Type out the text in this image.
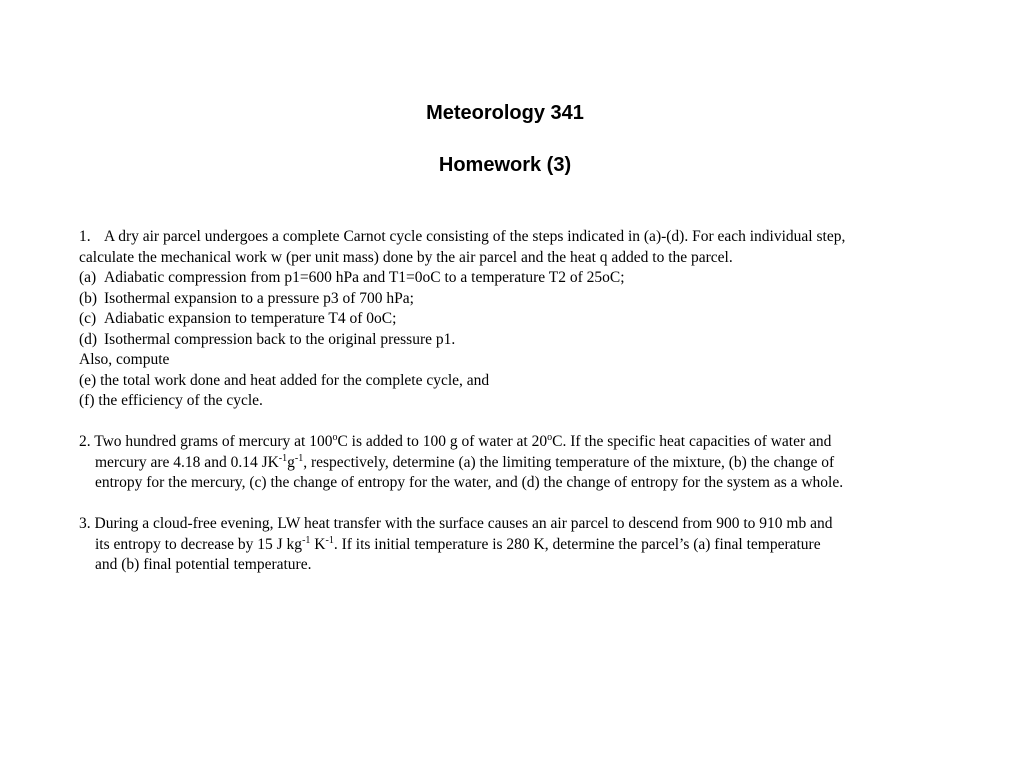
Meteorology 341
Homework (3)
1. A dry air parcel undergoes a complete Carnot cycle consisting of the steps indicated in (a)-(d). For each individual step,
calculate the mechanical work w (per unit mass) done by the air parcel and the heat q added to the parcel.
(a) Adiabatic compression from p1=600 hPa and T1=0oC to a temperature T2 of 25oC;
(b) Isothermal expansion to a pressure p3 of 700 hPa;
(c) Adiabatic expansion to temperature T4 of 0oC;
(d) Isothermal compression back to the original pressure p1.
Also, compute
(e) the total work done and heat added for the complete cycle, and
(f) the efficiency of the cycle.
2. Two hundred grams of mercury at 100$^o$C is added to 100 g of water at 20$^o$C. If the specific heat capacities of water and
mercury are 4.18 and 0.14 $JK^{-1}g^{-1}$, respectively, determine (a) the limiting temperature of the mixture, (b) the change of
entropy for the mercury, (c) the change of entropy for the water, and (d) the change of entropy for the system as a whole.
3. During a cloud-free evening, LW heat transfer with the surface causes an air parcel to descend from 900 to 910 mb and
its entropy to decrease by 15 J $kg^{-1}$ $K^{-1}$. If its initial temperature is 280 K, determine the parcel’s (a) final temperature
and (b) final potential temperature.
